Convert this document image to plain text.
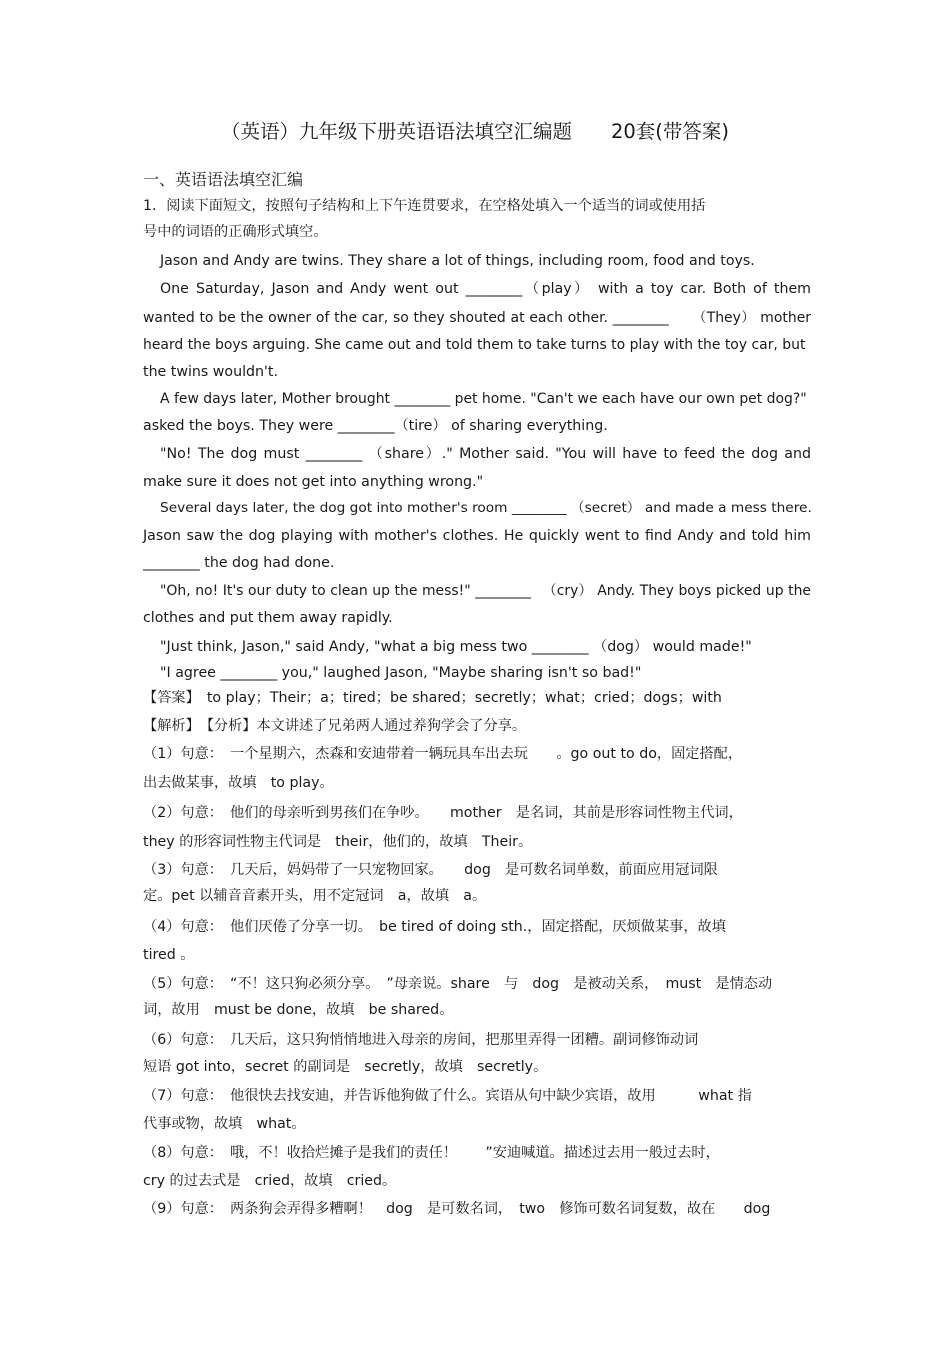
（英语）九年级下册英语语法填空汇编题　　20套(带答案)
一、英语语法填空汇编
1．阅读下面短文，按照句子结构和上下午连贯要求，在空格处填入一个适当的词或使用括
号中的词语的正确形式填空。
Jason and Andy are twins. They share a lot of things, including room, food and toys.
One Saturday, Jason and Andy went out ________（play） with a toy car. Both of them
wanted to be the owner of the car, so they shouted at each other. ________ 　 （They） mother
heard the boys arguing. She came out and told them to take turns to play with the toy car, but
the twins wouldn't.
A few days later, Mother brought ________ pet home. "Can't we each have our own pet dog?"
asked the boys. They were ________（tire） of sharing everything.
"No! The dog must ________ （share）." Mother said. "You will have to feed the dog and
make sure it does not get into anything wrong."
Several days later, the dog got into mother's room ________ （secret） and made a mess there.
Jason saw the dog playing with mother's clothes. He quickly went to find Andy and told him
________ the dog had done.
"Oh, no! It's our duty to clean up the mess!" ________ 　（cry） Andy. They boys picked up the
clothes and put them away rapidly.
"Just think, Jason," said Andy, "what a big mess two ________ （dog） would made!"
"I agree ________ you," laughed Jason, "Maybe sharing isn't so bad!"
【答案】　to play；Their；a；tired；be shared；secretly；what；cried；dogs；with
【解析】　【分析】本文讲述了兄弟两人通过养狗学会了分享。
（1）句意：　一个星期六，杰森和安迪带着一辆玩具车出去玩　　。go out to do，固定搭配，
出去做某事，故填　to play。
（2）句意：　他们的母亲听到男孩们在争吵。　　mother　是名词，其前是形容词性物主代词，
they 的形容词性物主代词是　their，他们的，故填　Their。
（3）句意：　几天后，妈妈带了一只宠物回家。　　dog　是可数名词单数，前面应用冠词限
定。pet 以辅音音素开头，用不定冠词　a，故填　a。
（4）句意：　他们厌倦了分享一切。　be tired of doing sth.，固定搭配，厌烦做某事，故填
tired 。
（5）句意：　“不！这只狗必须分享。　”母亲说。share　与　dog　是被动关系，　must　是情态动
词，故用　must be done，故填　be shared。
（6）句意：　几天后，这只狗悄悄地进入母亲的房间，把那里弄得一团糟。副词修饰动词
短语 got into，secret 的副词是　secretly，故填　secretly。
（7）句意：　他很快去找安迪，并告诉他狗做了什么。宾语从句中缺少宾语，故用　　　what 指
代事或物，故填　what。
（8）句意：　哦，不！收拾烂摊子是我们的责任！　　”安迪喊道。描述过去用一般过去时，
cry 的过去式是　cried，故填　cried。
（9）句意：　两条狗会弄得多糟啊！　dog　是可数名词，　two　修饰可数名词复数，故在　　dog
